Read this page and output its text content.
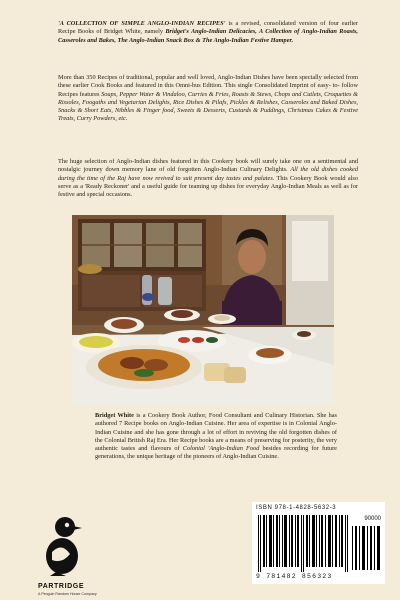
'A COLLECTION OF SIMPLE ANGLO-INDIAN RECIPES' is a revised, consolidated version of four earlier Recipe Books of Bridget White, namely Bridget's Anglo-Indian Delicacies, A Collection of Anglo-Indian Roasts, Casseroles and Bakes, The Anglo-Indian Snack Box & The Anglo-Indian Festive Hamper.

More than 350 Recipes of traditional, popular and well loved, Anglo-Indian Dishes have been specially selected from these earlier Cook Books and featured in this Omni-bus Edition. This single Consolidated Imprint of easy- to- follow Recipes features Soups, Pepper Water & Vindaloo, Curries & Fries, Roasts & Stews, Chops and Cutlets, Croquettes & Rissoles, Foogaths and Vegetarian Delights, Rice Dishes & Pilafs, Pickles & Relishes, Casseroles and Baked Dishes, Snacks & Short Eats, Nibbles & Finger food, Sweets & Desserts, Custards & Puddings, Christmas Cakes & Festive Treats, Curry Powders, etc.

The huge selection of Anglo-Indian dishes featured in this Cookery book will surely take one on a sentimental and nostalgic journey down memory lane of old forgotten Anglo-Indian Culinary Delights. All the old dishes cooked during the time of the Raj have now revived to suit present day tastes and palates. This Cookery Book would also serve as a 'Ready Reckoner' and a useful guide for teaming up dishes for everyday Anglo-Indian Meals as well as for festive and special occasions.

Bridget White is a Cookery Book Author, Food Consultant and Culinary Historian. She has authored 7 Recipe books on Anglo-Indian Cuisine. Her area of expertise is in Colonial Anglo-Indian Cuisine and she has gone through a lot of effort in reviving the old forgotten dishes of the Colonial British Raj Era. Her Recipe books are a means of preserving for posterity, the very authentic tastes and flavours of Colonial 'Anglo-Indian Food besides recording for future generations, the unique heritage of the pioneers of Anglo-Indian Cuisine.

PARTRIDGE
A Penguin Random House Company
ISBN 978-1-4828-5632-3
90000
9 781482 856323
